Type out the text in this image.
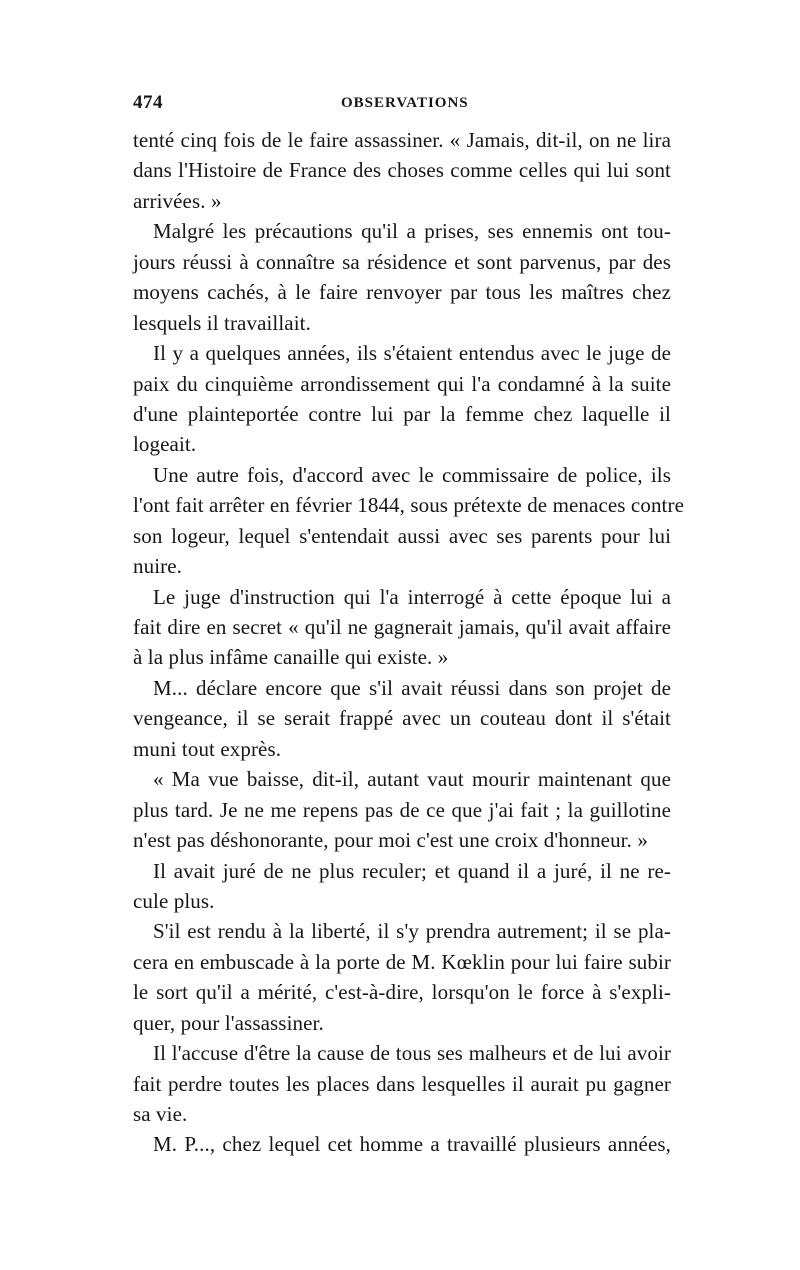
474	OBSERVATIONS
tenté cinq fois de le faire assassiner. « Jamais, dit-il, on ne lira
dans l'Histoire de France des choses comme celles qui lui sont
arrivées. »
Malgré les précautions qu'il a prises, ses ennemis ont tou-
jours réussi à connaître sa résidence et sont parvenus, par des
moyens cachés, à le faire renvoyer par tous les maîtres chez
lesquels il travaillait.
Il y a quelques années, ils s'étaient entendus avec le juge de
paix du cinquième arrondissement qui l'a condamné à la suite
d'une plainteportée contre lui par la femme chez laquelle il
logeait.
Une autre fois, d'accord avec le commissaire de police, ils
l'ont fait arrêter en février 1844, sous prétexte de menaces contre
son logeur, lequel s'entendait aussi avec ses parents pour lui
nuire.
Le juge d'instruction qui l'a interrogé à cette époque lui a
fait dire en secret « qu'il ne gagnerait jamais, qu'il avait affaire
à la plus infâme canaille qui existe. »
M... déclare encore que s'il avait réussi dans son projet de
vengeance, il se serait frappé avec un couteau dont il s'était
muni tout exprès.
« Ma vue baisse, dit-il, autant vaut mourir maintenant que
plus tard. Je ne me repens pas de ce que j'ai fait ; la guillotine
n'est pas déshonorante, pour moi c'est une croix d'honneur. »
Il avait juré de ne plus reculer; et quand il a juré, il ne re-
cule plus.
S'il est rendu à la liberté, il s'y prendra autrement; il se pla-
cera en embuscade à la porte de M. Kœklin pour lui faire subir
le sort qu'il a mérité, c'est-à-dire, lorsqu'on le force à s'expli-
quer, pour l'assassiner.
Il l'accuse d'être la cause de tous ses malheurs et de lui avoir
fait perdre toutes les places dans lesquelles il aurait pu gagner
sa vie.
M. P..., chez lequel cet homme a travaillé plusieurs années,
